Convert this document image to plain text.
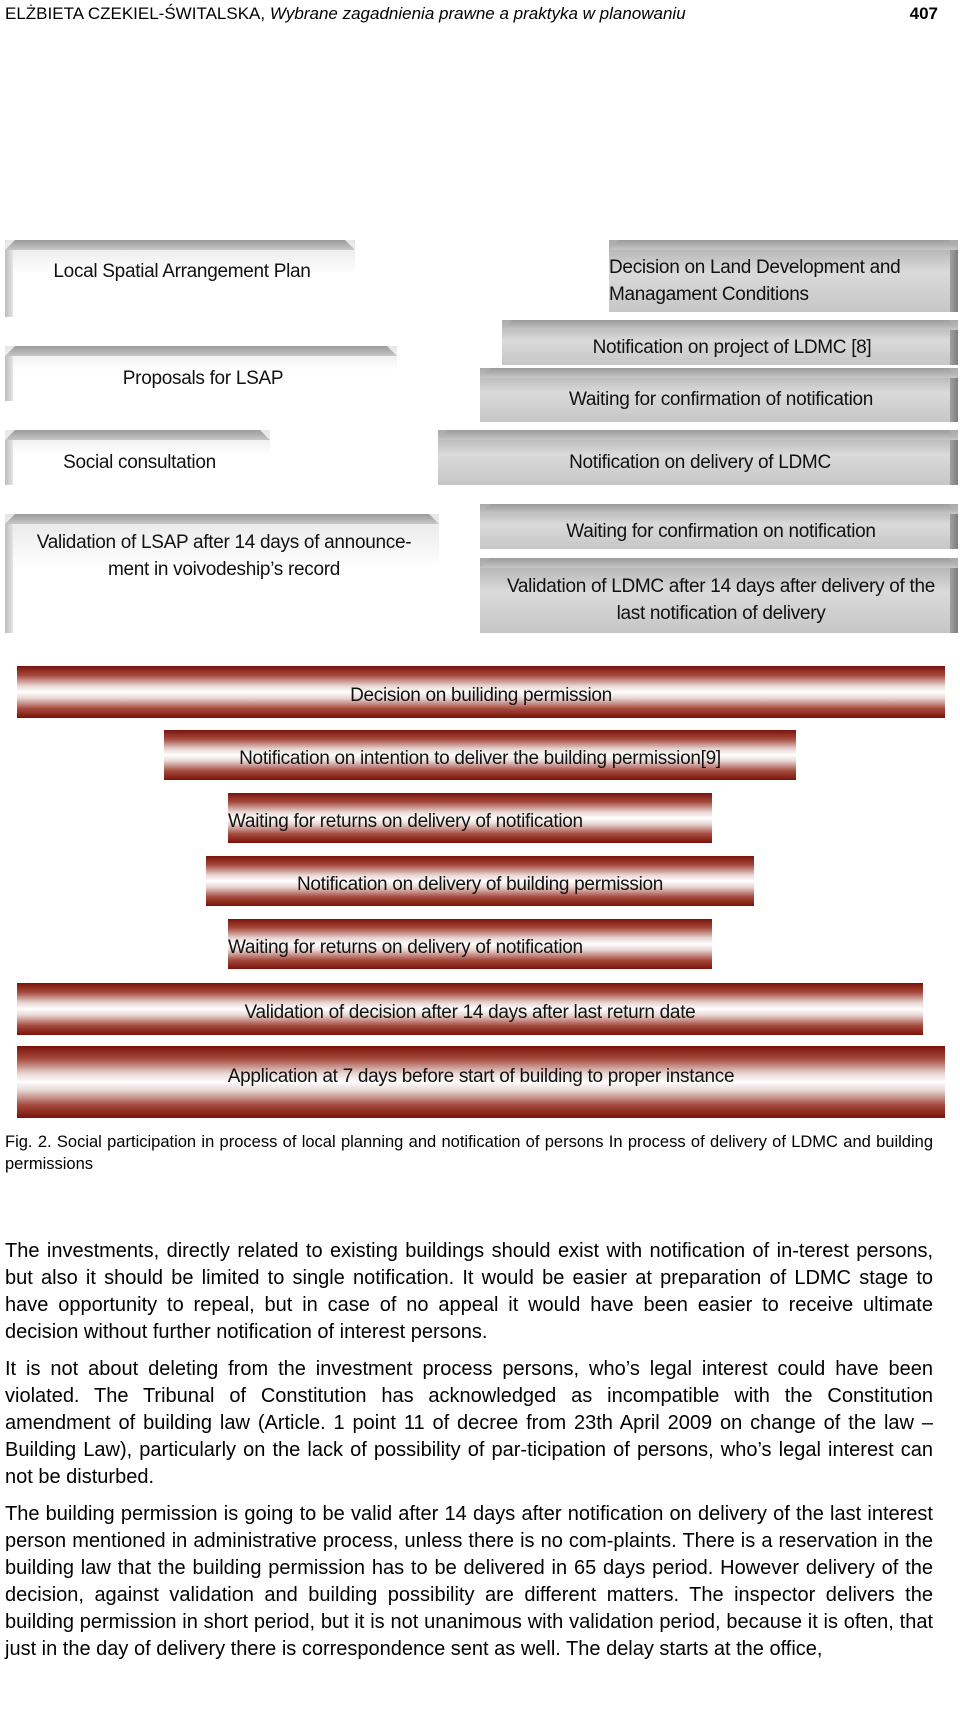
ELŻBIETA CZEKIEL-ŚWITALSKA, Wybrane zagadnienia prawne a praktyka w planowaniu	407
Local Spatial Arrangement Plan
Proposals for LSAP
Social consultation
Validation of LSAP after 14 days of announce-ment in voivodeship’s record
Decision on Land Development and Managament Conditions
Notification on project of LDMC [8]
Waiting for confirmation of notification
Notification on delivery of LDMC
Waiting for confirmation on notification
Validation of LDMC after 14 days after delivery of the last notification of delivery
Decision on builiding permission
Notification on intention to deliver the building permission[9]
Waiting for returns on delivery of notification
Notification on delivery of building permission
Waiting for returns on delivery of notification
Validation of decision after 14 days after last return date
Application at 7 days before start of building to proper instance
Fig. 2. Social participation in process of local planning and notification of persons In process of delivery of LDMC and building permissions

The investments, directly related to existing buildings should exist with notification of in-terest persons, but also it should be limited to single notification. It would be easier at preparation of LDMC stage to have opportunity to repeal, but in case of no appeal it would have been easier to receive ultimate decision without further notification of interest persons.

It is not about deleting from the investment process persons, who’s legal interest could have been violated. The Tribunal of Constitution has acknowledged as incompatible with the Constitution amendment of building law (Article. 1 point 11 of decree from 23th April 2009 on change of the law – Building Law), particularly on the lack of possibility of par-ticipation of persons, who’s legal interest can not be disturbed.

The building permission is going to be valid after 14 days after notification on delivery of the last interest person mentioned in administrative process, unless there is no com-plaints. There is a reservation in the building law that the building permission has to be delivered in 65 days period. However delivery of the decision, against validation and building possibility are different matters. The inspector delivers the building permission in short period, but it is not unanimous with validation period, because it is often, that just in the day of delivery there is correspondence sent as well. The delay starts at the office,
